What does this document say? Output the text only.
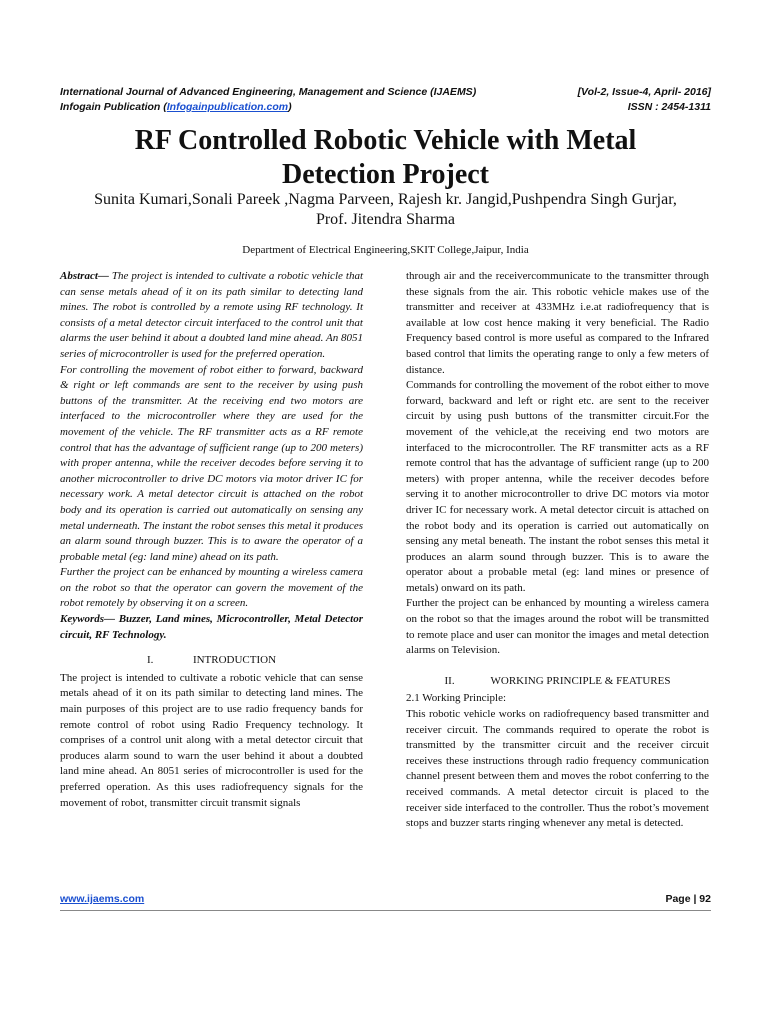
International Journal of Advanced Engineering, Management and Science (IJAEMS)	[Vol-2, Issue-4, April- 2016]
Infogain Publication (Infogainpublication.com)	ISSN : 2454-1311
RF Controlled Robotic Vehicle with Metal
Detection Project

Sunita Kumari,Sonali Pareek ,Nagma Parveen, Rajesh kr. Jangid,Pushpendra Singh Gurjar,
Prof. Jitendra Sharma

Department of Electrical Engineering,SKIT College,Jaipur, India

Abstract— The project is intended to cultivate a robotic vehicle that can sense metals ahead of it on its path similar to detecting land mines. The robot is controlled by a remote using RF technology. It consists of a metal detector circuit interfaced to the control unit that alarms the user behind it about a doubted land mine ahead. An 8051 series of microcontroller is used for the preferred operation.

For controlling the movement of robot either to forward, backward & right or left commands are sent to the receiver by using push buttons of the transmitter. At the receiving end two motors are interfaced to the microcontroller where they are used for the movement of the vehicle. The RF transmitter acts as a RF remote control that has the advantage of sufficient range (up to 200 meters) with proper antenna, while the receiver decodes before serving it to another microcontroller to drive DC motors via motor driver IC for necessary work. A metal detector circuit is attached on the robot body and its operation is carried out automatically on sensing any metal underneath. The instant the robot senses this metal it produces an alarm sound through buzzer. This is to aware the operator of a probable metal (eg: land mine) ahead on its path.

Further the project can be enhanced by mounting a wireless camera on the robot so that the operator can govern the movement of the robot remotely by observing it on a screen.

Keywords— Buzzer, Land mines, Microcontroller, Metal Detector circuit, RF Technology.

I.	INTRODUCTION

The project is intended to cultivate a robotic vehicle that can sense metals ahead of it on its path similar to detecting land mines. The main purposes of this project are to use radio frequency bands for remote control of robot using Radio Frequency technology. It comprises of a control unit along with a metal detector circuit that produces alarm sound to warn the user behind it about a doubted land mine ahead. An 8051 series of microcontroller is used for the preferred operation. As this uses radiofrequency signals for the movement of robot, transmitter circuit transmit signals

through air and the receivercommunicate to the transmitter through these signals from the air. This robotic vehicle makes use of the transmitter and receiver at 433MHz i.e.at radiofrequency that is available at low cost hence making it very beneficial. The Radio Frequency based control is more useful as compared to the Infrared based control that limits the operating range to only a few meters of distance.

Commands for controlling the movement of the robot either to move forward, backward and left or right etc. are sent to the receiver circuit by using push buttons of the transmitter circuit.For the movement of the vehicle,at the receiving end two motors are interfaced to the microcontroller. The RF transmitter acts as a RF remote control that has the advantage of sufficient range (up to 200 meters) with proper antenna, while the receiver decodes before serving it to another microcontroller to drive DC motors via motor driver IC for necessary work. A metal detector circuit is attached on the robot body and its operation is carried out automatically on sensing any metal beneath. The instant the robot senses this metal it produces an alarm sound through buzzer. This is to aware the operator about a probable metal (eg: land mines or presence of metals) onward on its path.

Further the project can be enhanced by mounting a wireless camera on the robot so that the images around the robot will be transmitted to remote place and user can monitor the images and metal detection alarms on Television.

II.	WORKING PRINCIPLE & FEATURES

2.1 Working Principle:

This robotic vehicle works on radiofrequency based transmitter and receiver circuit. The commands required to operate the robot is transmitted by the transmitter circuit and the receiver circuit receives these instructions through radio frequency communication channel present between them and moves the robot conferring to the received commands. A metal detector circuit is placed to the receiver side interfaced to the controller. Thus the robot’s movement stops and buzzer starts ringing whenever any metal is detected.

www.ijaems.com	Page | 92
